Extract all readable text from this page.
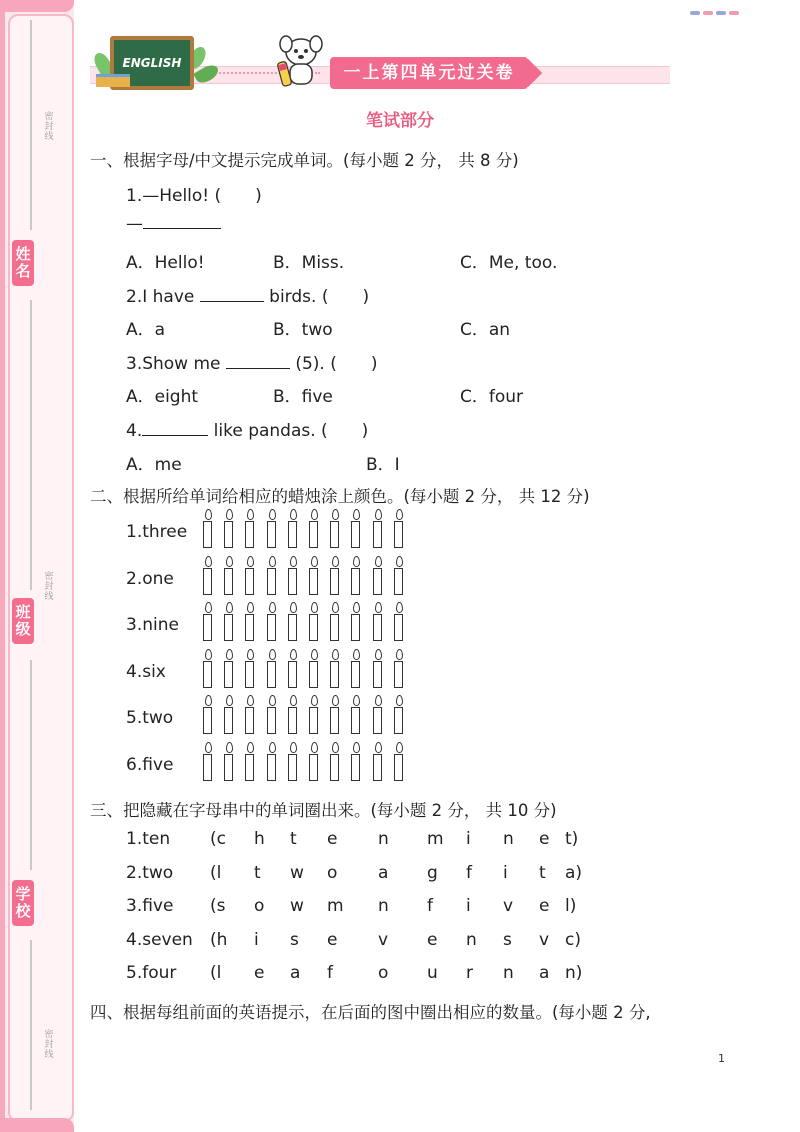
姓名
班级
学校
密封线
密封线
密封线
ENGLISH	一上第四单元过关卷
笔试部分
一、根据字母/中文提示完成单词。(每小题 2 分， 共 8 分)
1.—Hello! (　　)
—
A．Hello!	B．Miss.	C．Me, too.
2.I have	birds. (　　)
A．a	B．two	C．an
3.Show me	(5). (　　)
A．eight	B．five	C．four
4.	like pandas. (　　)
A．me	B．I
二、根据所给单词给相应的蜡烛涂上颜色。(每小题 2 分， 共 12 分)
1.three
2.one
3.nine
4.six
5.two
6.five
三、把隐藏在字母串中的单词圈出来。(每小题 2 分， 共 10 分)
1.ten (c h t e n m i n e t)
2.two (l t w o a g f i t a)
3.five (s o w m n f i v e l)
4.seven (h i s e v e n s v c)
5.four (l e a f	o u r n a n)
四、根据每组前面的英语提示，在后面的图中圈出相应的数量。(每小题 2 分,
1
